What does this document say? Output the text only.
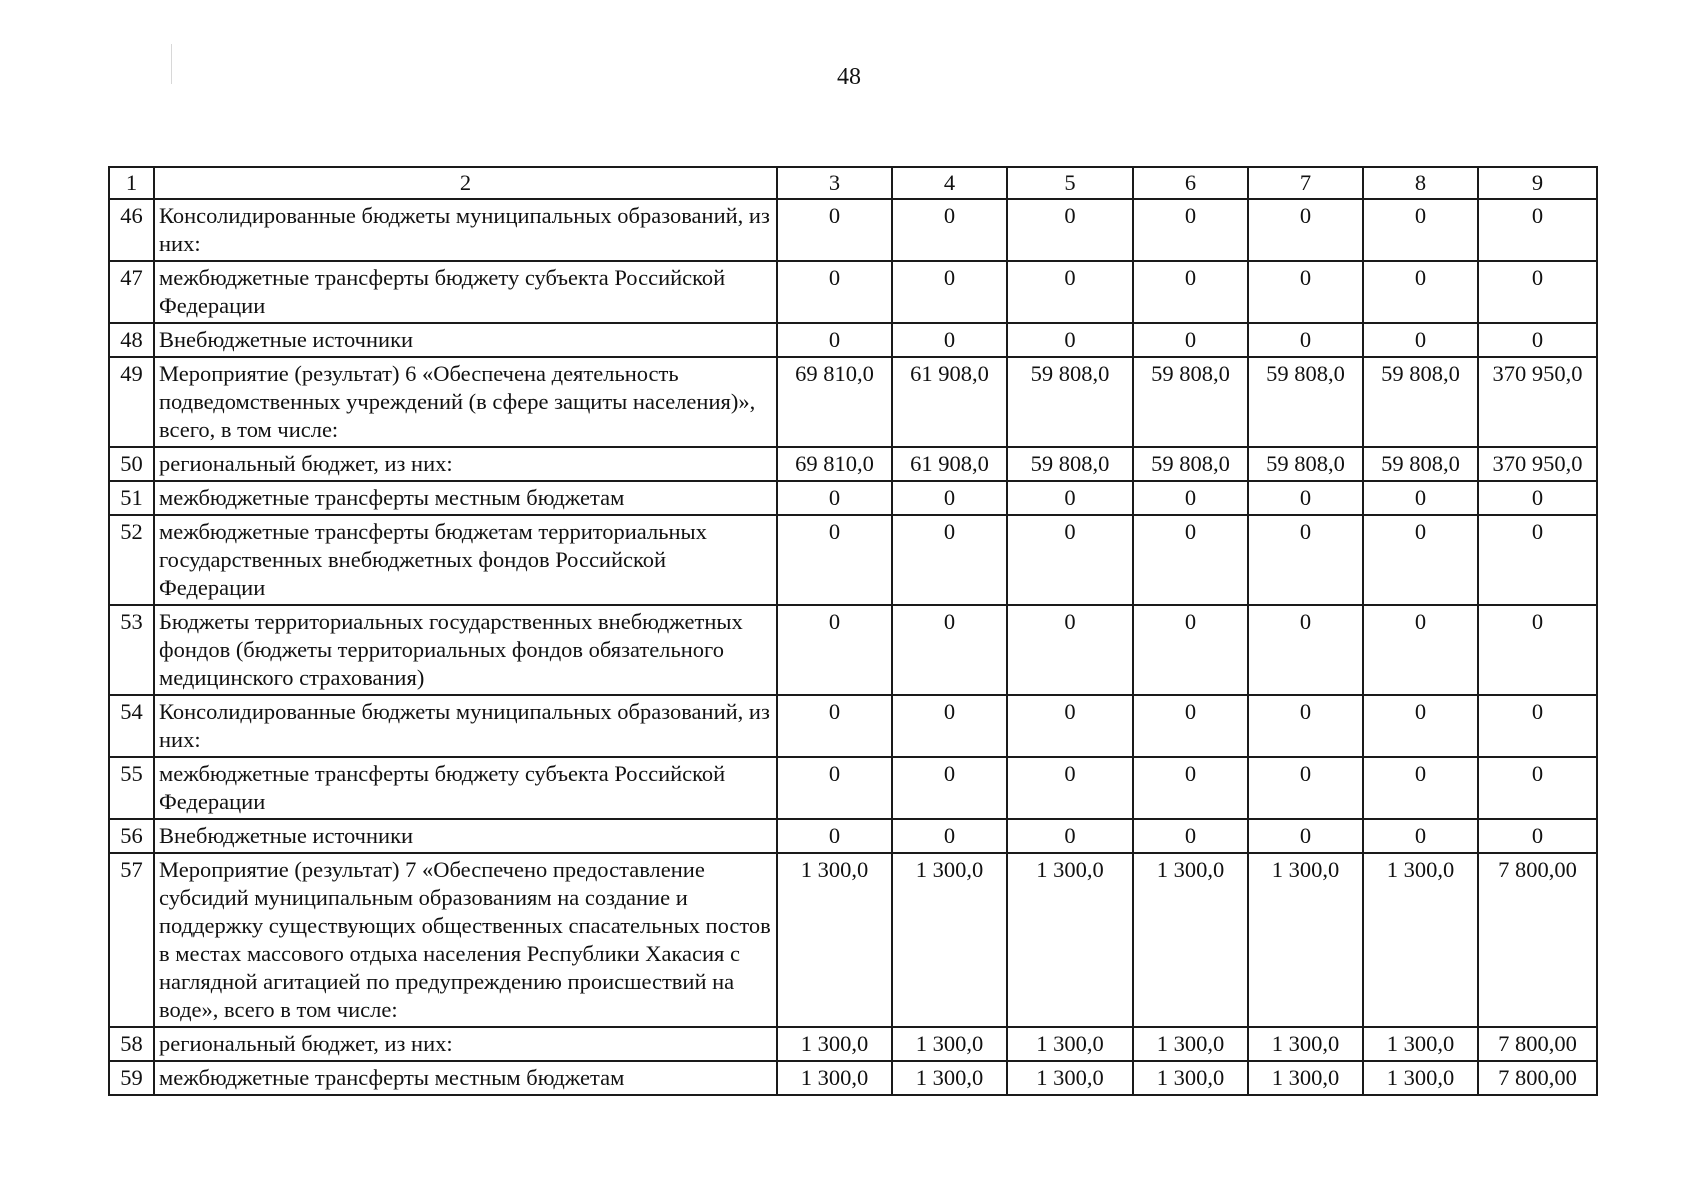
48
1	2	3	4	5	6	7	8	9
46	Консолидированные бюджеты муниципальных образований, из них:	0	0	0	0	0	0	0
47	межбюджетные трансферты бюджету субъекта Российской Федерации	0	0	0	0	0	0	0
48	Внебюджетные источники	0	0	0	0	0	0	0
49	Мероприятие (результат) 6 «Обеспечена деятельность подведомственных учреждений (в сфере защиты населения)», всего, в том числе:	69 810,0	61 908,0	59 808,0	59 808,0	59 808,0	59 808,0	370 950,0
50	региональный бюджет, из них:	69 810,0	61 908,0	59 808,0	59 808,0	59 808,0	59 808,0	370 950,0
51	межбюджетные трансферты местным бюджетам	0	0	0	0	0	0	0
52	межбюджетные трансферты бюджетам территориальных государственных внебюджетных фондов Российской Федерации	0	0	0	0	0	0	0
53	Бюджеты территориальных государственных внебюджетных фондов (бюджеты территориальных фондов обязательного медицинского страхования)	0	0	0	0	0	0	0
54	Консолидированные бюджеты муниципальных образований, из них:	0	0	0	0	0	0	0
55	межбюджетные трансферты бюджету субъекта Российской Федерации	0	0	0	0	0	0	0
56	Внебюджетные источники	0	0	0	0	0	0	0
57	Мероприятие (результат) 7 «Обеспечено предоставление субсидий муниципальным образованиям на создание и поддержку существующих общественных спасательных постов в местах массового отдыха населения Республики Хакасия с наглядной агитацией по предупреждению происшествий на воде», всего в том числе:	1 300,0	1 300,0	1 300,0	1 300,0	1 300,0	1 300,0	7 800,00
58	региональный бюджет, из них:	1 300,0	1 300,0	1 300,0	1 300,0	1 300,0	1 300,0	7 800,00
59	межбюджетные трансферты местным бюджетам	1 300,0	1 300,0	1 300,0	1 300,0	1 300,0	1 300,0	7 800,00
